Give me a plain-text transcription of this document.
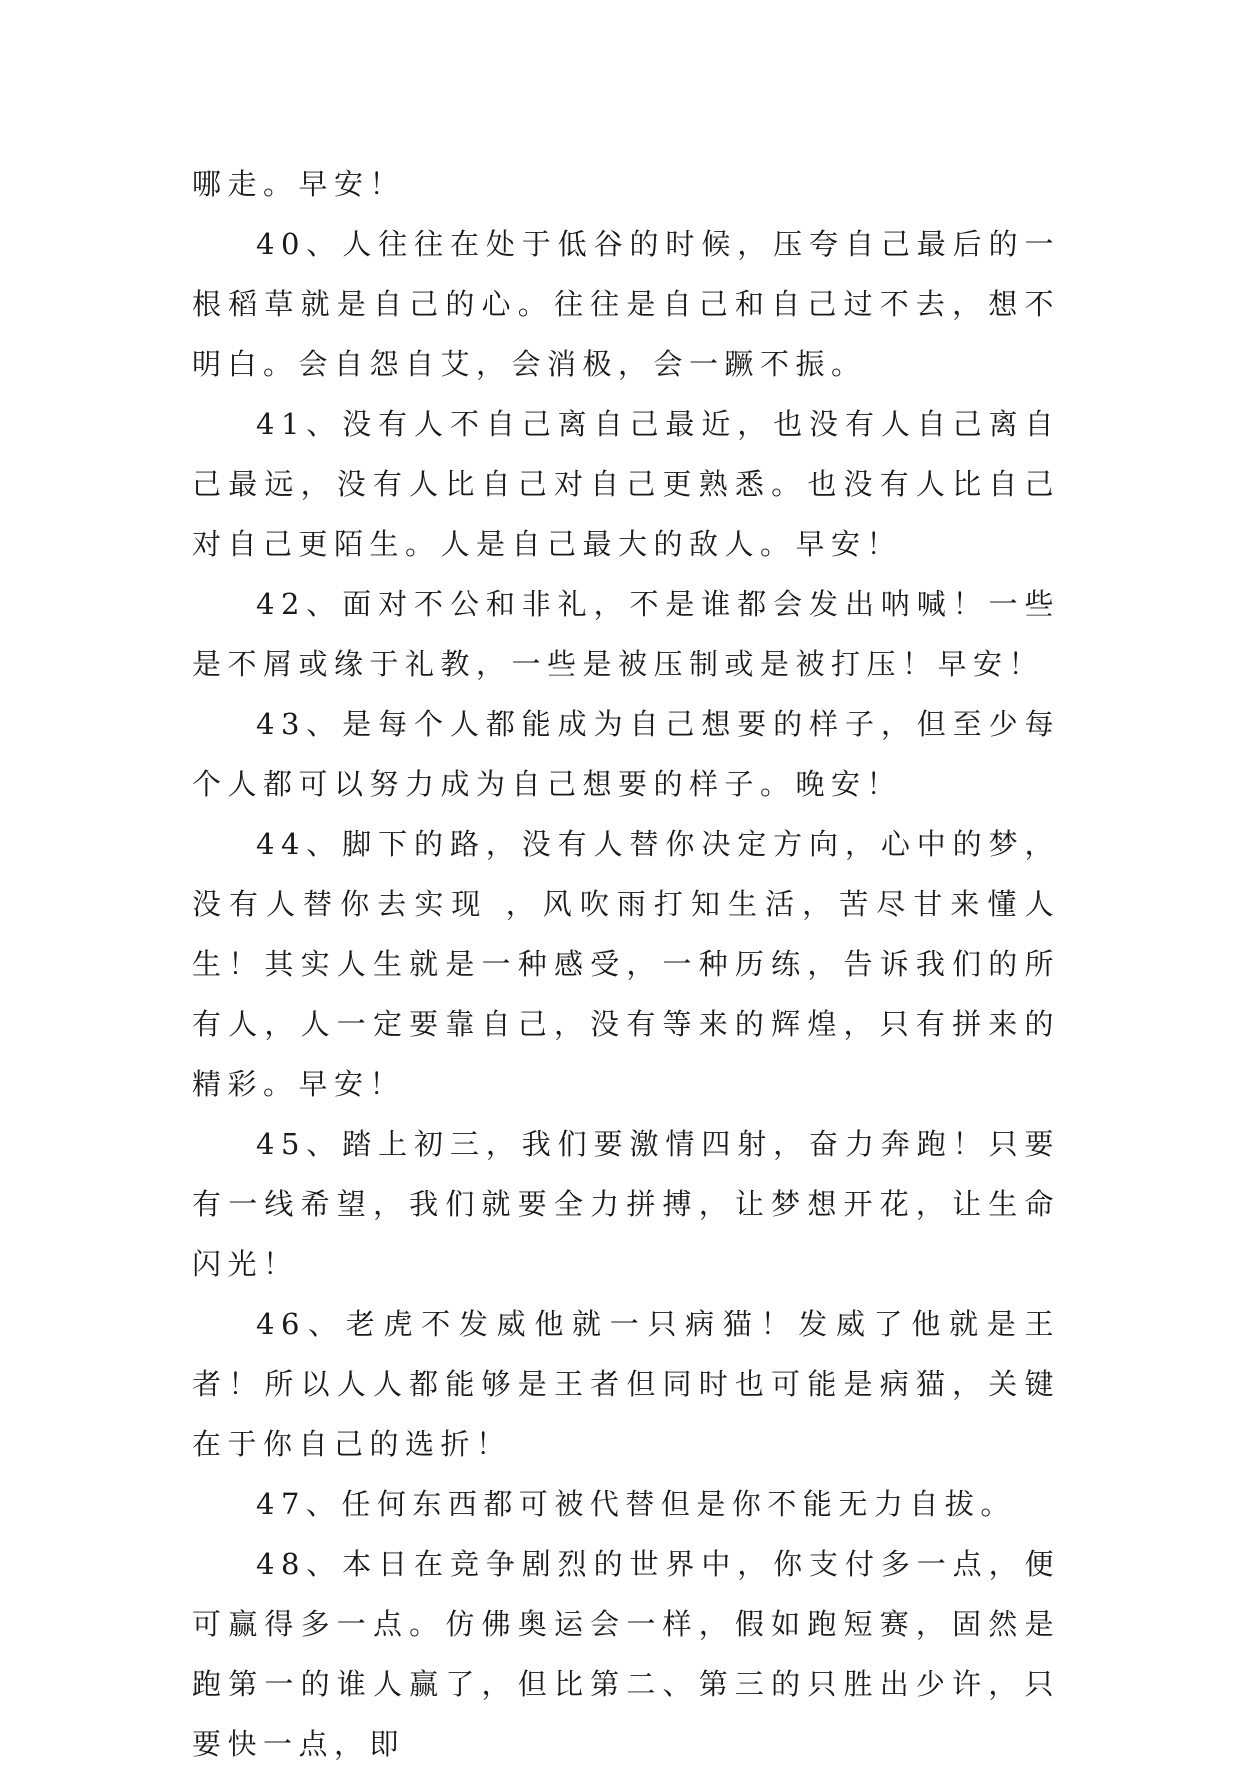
哪走。早安！

40、人往往在处于低谷的时候，压夸自己最后的一根稻草就是自己的心。往往是自己和自己过不去，想不明白。会自怨自艾，会消极，会一蹶不振。

41、没有人不自己离自己最近，也没有人自己离自己最远，没有人比自己对自己更熟悉。也没有人比自己对自己更陌生。人是自己最大的敌人。早安！

42、面对不公和非礼，不是谁都会发出呐喊！一些是不屑或缘于礼教，一些是被压制或是被打压！早安！

43、是每个人都能成为自己想要的样子，但至少每个人都可以努力成为自己想要的样子。晚安！

44、脚下的路，没有人替你决定方向，心中的梦，没有人替你去实现 ，风吹雨打知生活，苦尽甘来懂人生！其实人生就是一种感受，一种历练，告诉我们的所有人，人一定要靠自己，没有等来的辉煌，只有拼来的精彩。早安！

45、踏上初三，我们要激情四射，奋力奔跑！只要有一线希望，我们就要全力拼搏，让梦想开花，让生命闪光！

46、老虎不发威他就一只病猫！发威了他就是王者！所以人人都能够是王者但同时也可能是病猫，关键在于你自己的选折！

47、任何东西都可被代替但是你不能无力自拔。

48、本日在竞争剧烈的世界中，你支付多一点，便可赢得多一点。仿佛奥运会一样，假如跑短赛，固然是跑第一的谁人赢了，但比第二、第三的只胜出少许，只要快一点，即
